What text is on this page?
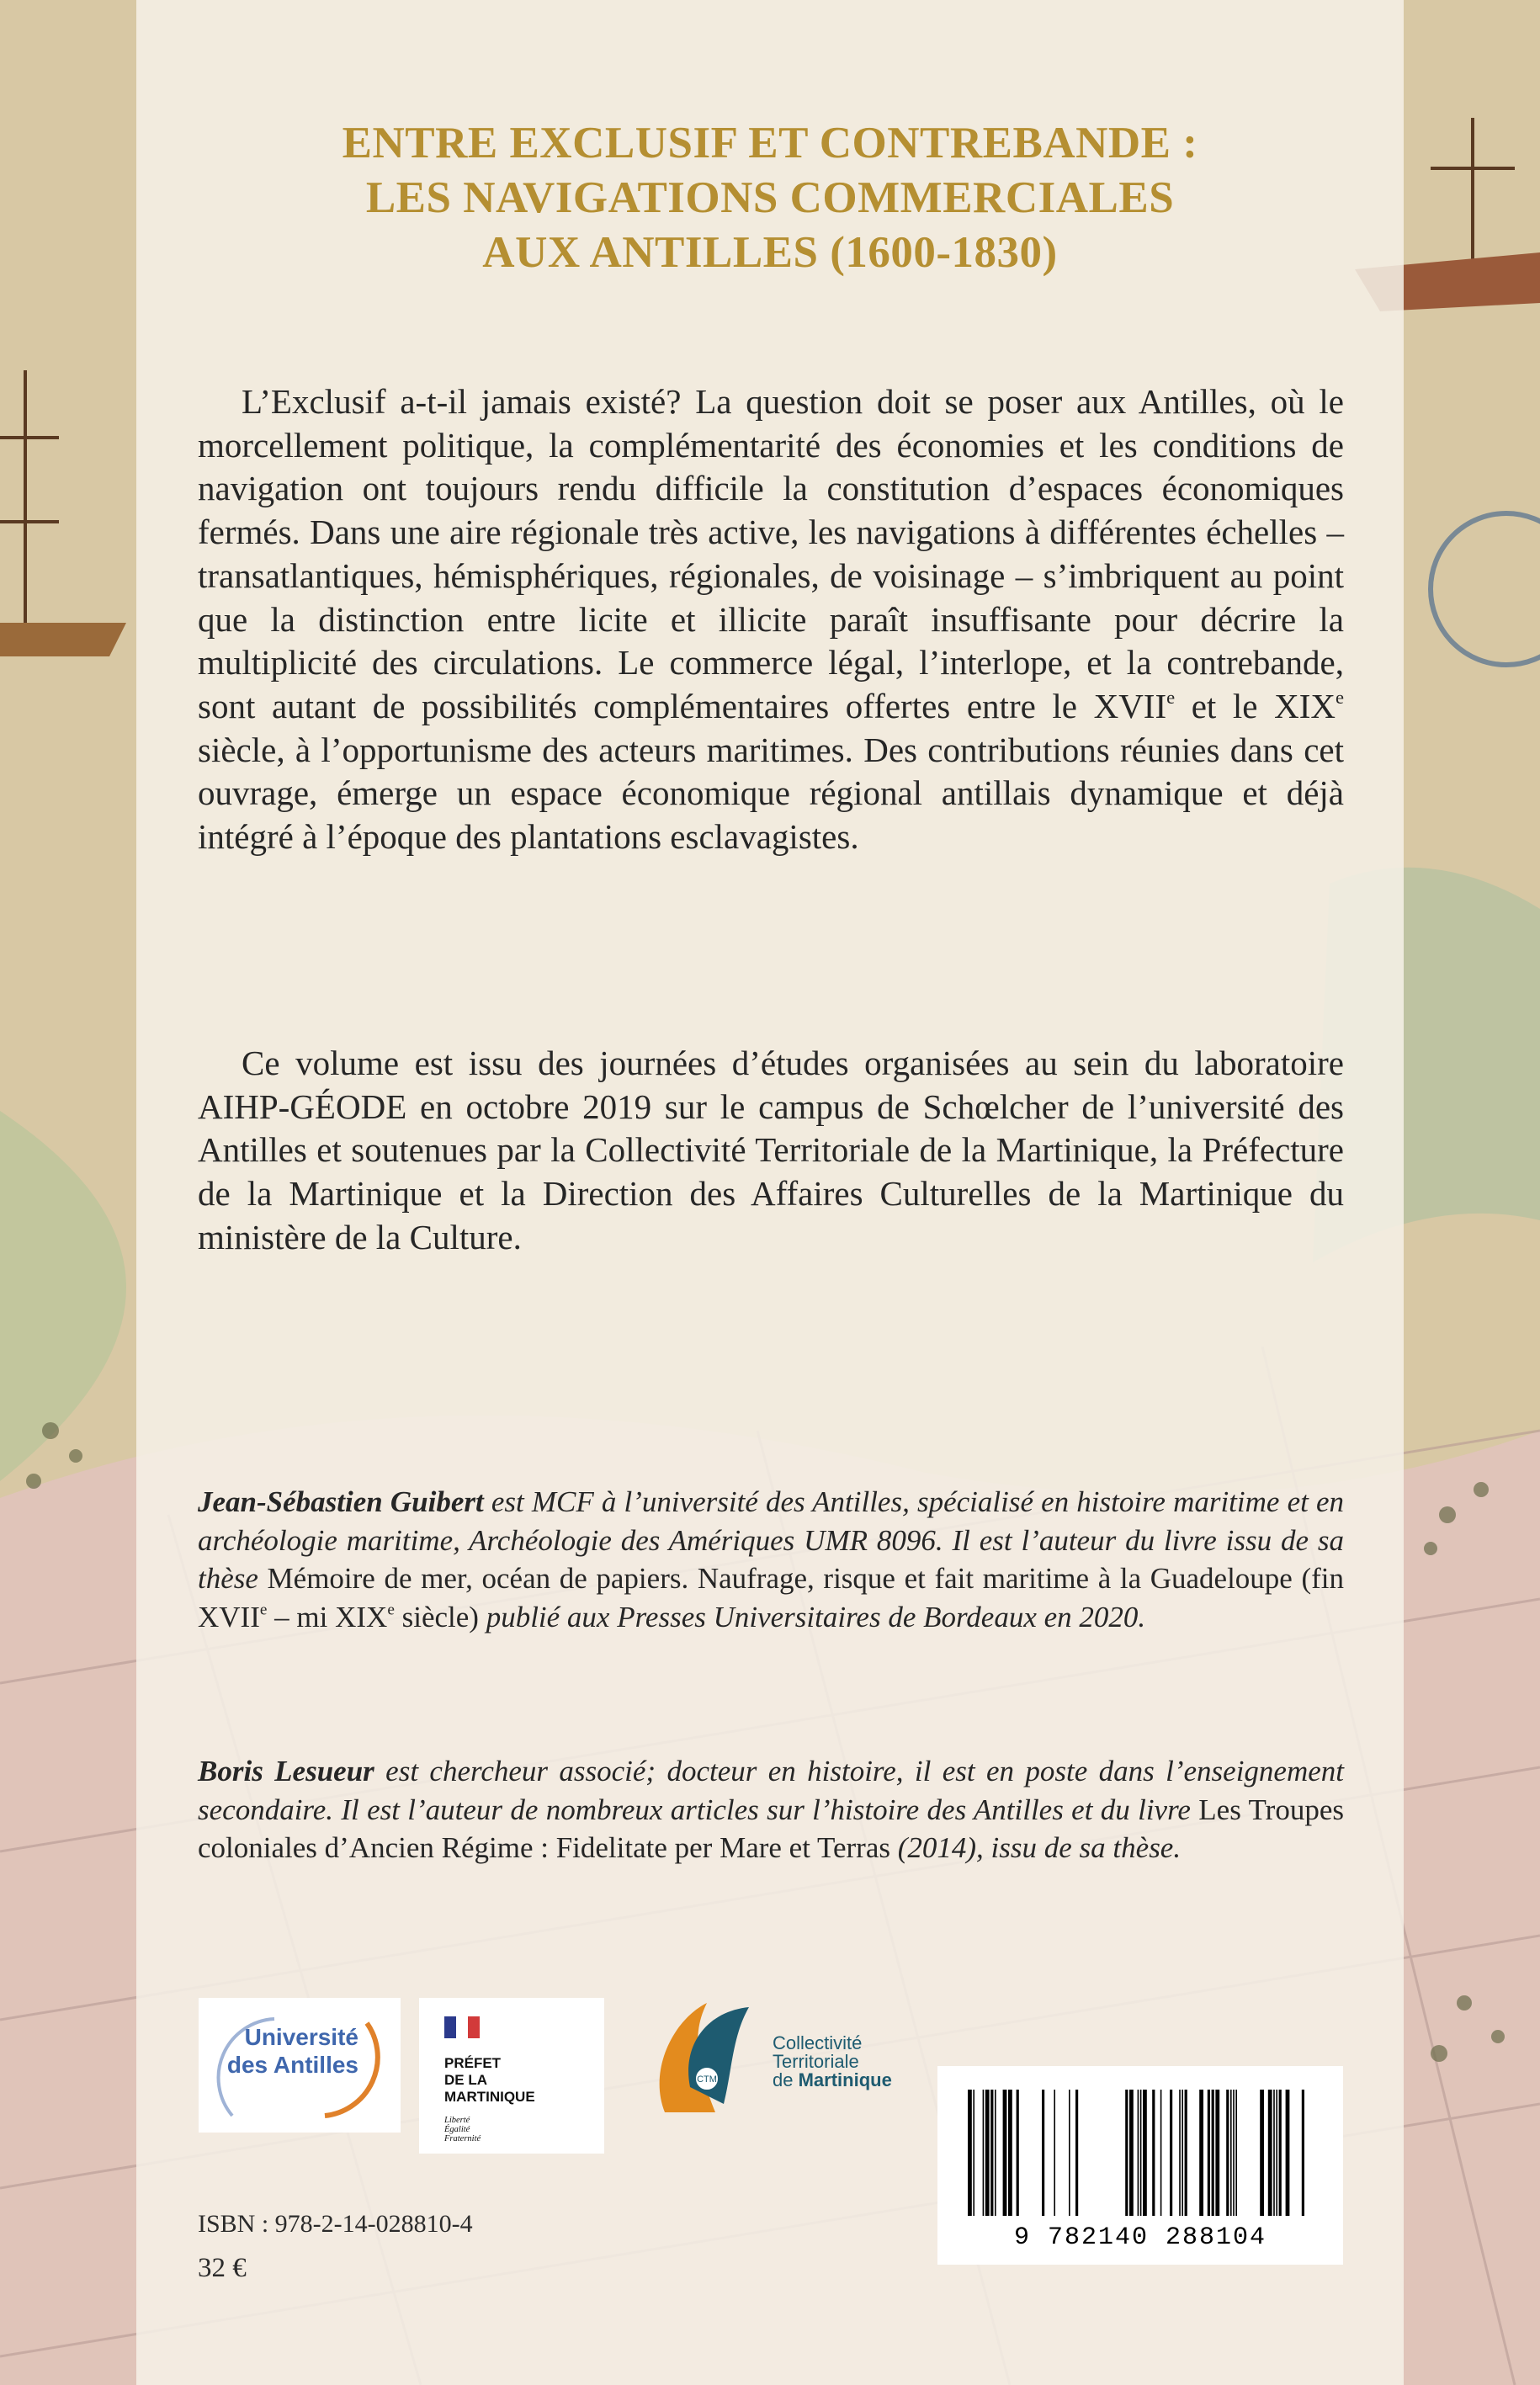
ENTRE EXCLUSIF ET CONTREBANDE :
LES NAVIGATIONS COMMERCIALES
AUX ANTILLES (1600-1830)

L’Exclusif a-t-il jamais existé? La question doit se poser aux Antilles, où le morcellement politique, la complémentarité des économies et les conditions de navigation ont toujours rendu difficile la constitution d’espaces économiques fermés. Dans une aire régionale très active, les navigations à différentes échelles – transatlantiques, hémisphériques, régionales, de voisinage – s’imbriquent au point que la distinction entre licite et illicite paraît insuffisante pour décrire la multiplicité des circulations. Le commerce légal, l’interlope, et la contrebande, sont autant de possibilités complémentaires offertes entre le XVIIe et le XIXe siècle, à l’opportunisme des acteurs maritimes. Des contributions réunies dans cet ouvrage, émerge un espace économique régional antillais dynamique et déjà intégré à l’époque des plantations esclavagistes.

Ce volume est issu des journées d’études organisées au sein du laboratoire AIHP-GÉODE en octobre 2019 sur le campus de Schœlcher de l’université des Antilles et soutenues par la Collectivité Territoriale de la Martinique, la Préfecture de la Martinique et la Direction des Affaires Culturelles de la Martinique du ministère de la Culture.

Jean-Sébastien Guibert est MCF à l’université des Antilles, spécialisé en histoire maritime et en archéologie maritime, Archéologie des Amériques UMR 8096. Il est l’auteur du livre issu de sa thèse Mémoire de mer, océan de papiers. Naufrage, risque et fait maritime à la Guadeloupe (fin XVIIe – mi XIXe siècle) publié aux Presses Universitaires de Bordeaux en 2020.

Boris Lesueur est chercheur associé; docteur en histoire, il est en poste dans l’enseignement secondaire. Il est l’auteur de nombreux articles sur l’histoire des Antilles et du livre Les Troupes coloniales d’Ancien Régime : Fidelitate per Mare et Terras (2014), issu de sa thèse.

Université des Antilles	PRÉFET
DE LA
MARTINIQUE
Liberté
Égalité
Fraternité
CTM
Collectivité
Territoriale
de Martinique
ISBN : 978-2-14-028810-4
32 €
9 782140 288104
